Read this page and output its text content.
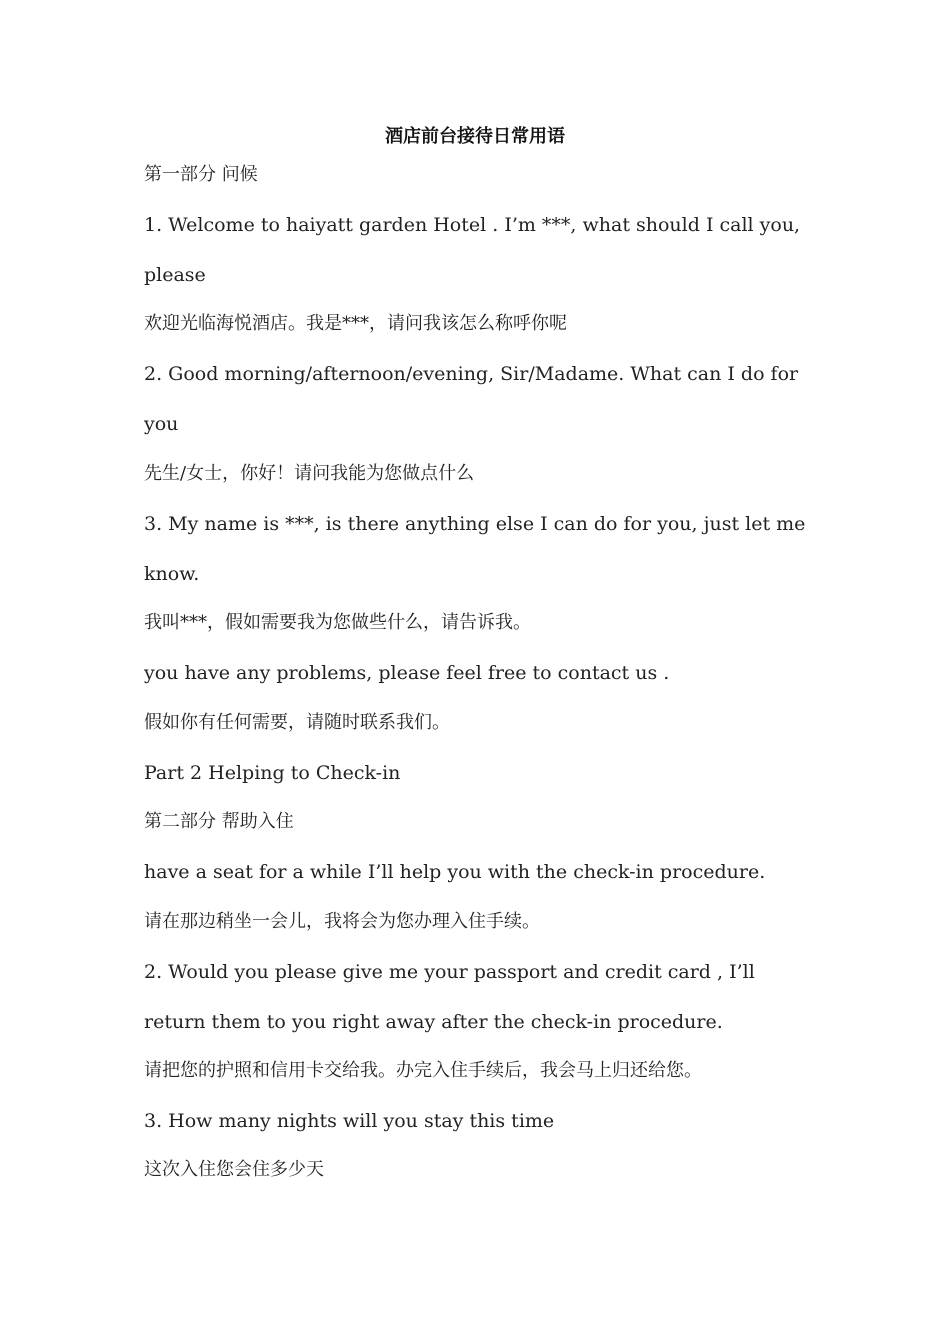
酒店前台接待日常用语
第一部分 问候
1. Welcome to haiyatt garden Hotel . I’m ***, what should I call you,
please
欢迎光临海悦酒店。我是***，请问我该怎么称呼你呢
2. Good morning/afternoon/evening, Sir/Madame. What can I do for
you
先生/女士，你好！请问我能为您做点什么
3. My name is ***, is there anything else I can do for you, just let me
know.
我叫***，假如需要我为您做些什么，请告诉我。
you have any problems, please feel free to contact us .
假如你有任何需要，请随时联系我们。
Part 2 Helping to Check-in
第二部分 帮助入住
have a seat for a while I’ll help you with the check-in procedure.
请在那边稍坐一会儿，我将会为您办理入住手续。
2. Would you please give me your passport and credit card , I’ll
return them to you right away after the check-in procedure.
请把您的护照和信用卡交给我。办完入住手续后，我会马上归还给您。
3. How many nights will you stay this time
这次入住您会住多少天
